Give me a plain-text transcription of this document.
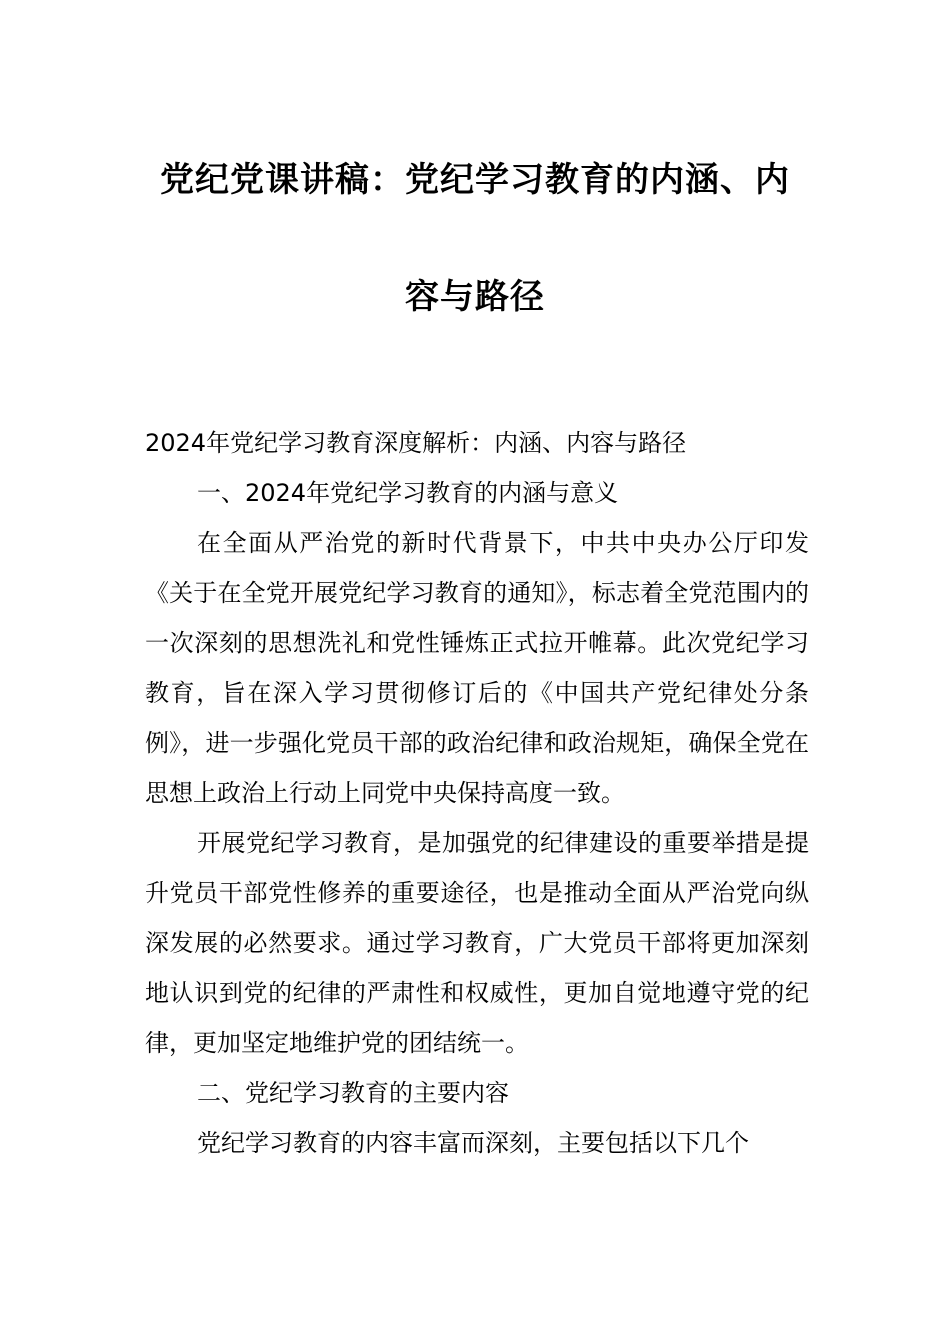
党纪党课讲稿：党纪学习教育的内涵、内
容与路径

2024年党纪学习教育深度解析：内涵、内容与路径

一、2024年党纪学习教育的内涵与意义

在全面从严治党的新时代背景下，中共中央办公厅印发《关于在全党开展党纪学习教育的通知》，标志着全党范围内的一次深刻的思想洗礼和党性锤炼正式拉开帷幕。此次党纪学习教育，旨在深入学习贯彻修订后的《中国共产党纪律处分条例》，进一步强化党员干部的政治纪律和政治规矩，确保全党在思想上政治上行动上同党中央保持高度一致。

开展党纪学习教育，是加强党的纪律建设的重要举措是提升党员干部党性修养的重要途径，也是推动全面从严治党向纵深发展的必然要求。通过学习教育，广大党员干部将更加深刻地认识到党的纪律的严肃性和权威性，更加自觉地遵守党的纪律，更加坚定地维护党的团结统一。

二、党纪学习教育的主要内容

党纪学习教育的内容丰富而深刻，主要包括以下几个
